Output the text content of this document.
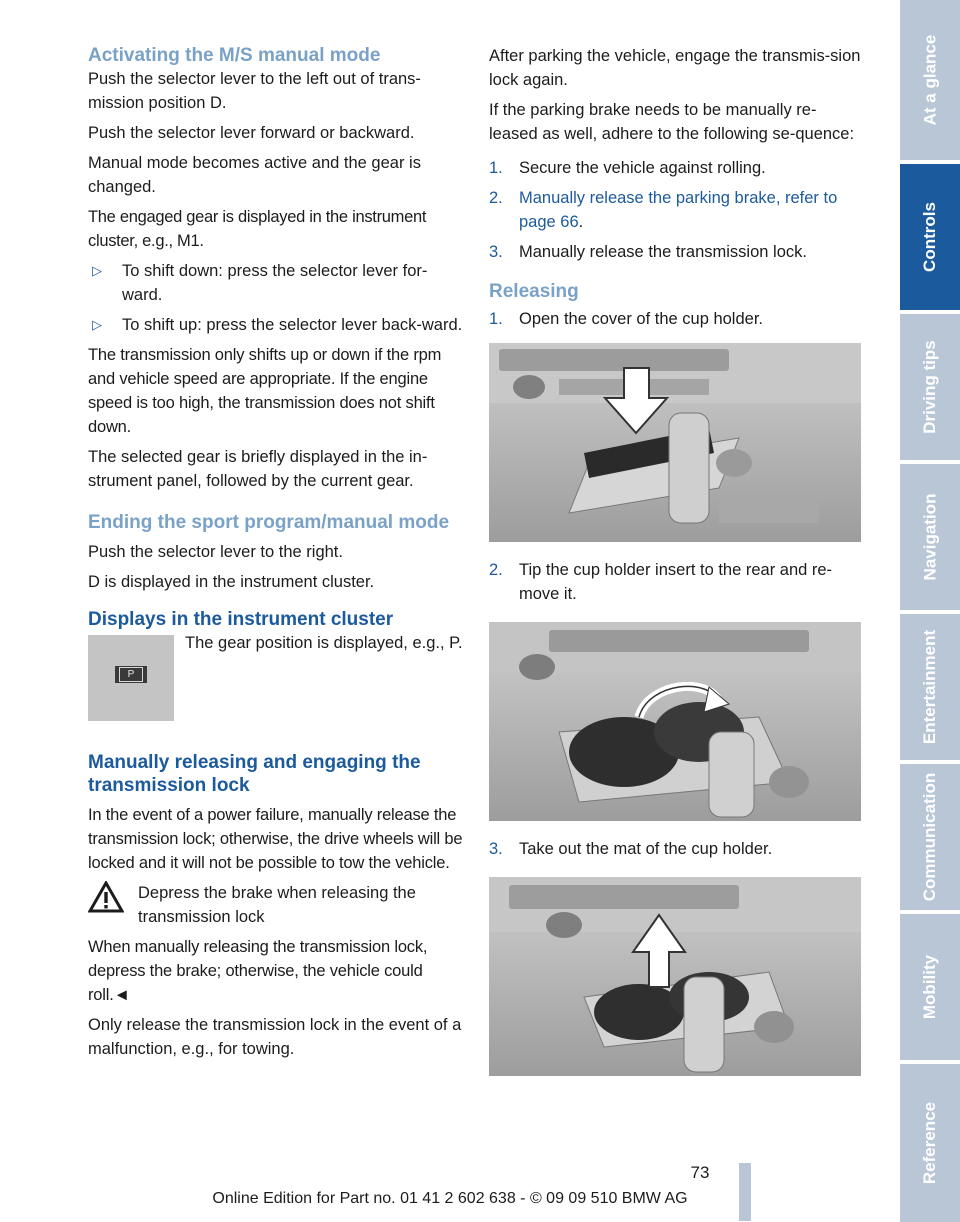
Activating the M/S manual mode

Push the selector lever to the left out of trans-mission position D.

Push the selector lever forward or backward.

Manual mode becomes active and the gear is changed.

The engaged gear is displayed in the instrument cluster, e.g., M1.

▷	To shift down: press the selector lever for-ward.
▷	To shift up: press the selector lever back-ward.

The transmission only shifts up or down if the rpm and vehicle speed are appropriate. If the engine speed is too high, the transmission does not shift down.

The selected gear is briefly displayed in the in-strument panel, followed by the current gear.

Ending the sport program/manual mode

Push the selector lever to the right.

D is displayed in the instrument cluster.

Displays in the instrument cluster
P

The gear position is displayed, e.g., P.

Manually releasing and engaging the transmission lock

In the event of a power failure, manually release the transmission lock; otherwise, the drive wheels will be locked and it will not be possible to tow the vehicle.

Depress the brake when releasing the transmission lock

When manually releasing the transmission lock, depress the brake; otherwise, the vehicle could roll.◄

Only release the transmission lock in the event of a malfunction, e.g., for towing.

After parking the vehicle, engage the transmis-sion lock again.

If the parking brake needs to be manually re-leased as well, adhere to the following se-quence:

1. Secure the vehicle against rolling.
2. Manually release the parking brake, refer to page 66.
3. Manually release the transmission lock.
Releasing
1. Open the cover of the cup holder.
2. Tip the cup holder insert to the rear and re-move it.
3. Take out the mat of the cup holder.
At a glance
Controls
Driving tips
Navigation
Entertainment
Communication
Mobility
Reference
73
Online Edition for Part no. 01 41 2 602 638 - © 09 09 510 BMW AG
